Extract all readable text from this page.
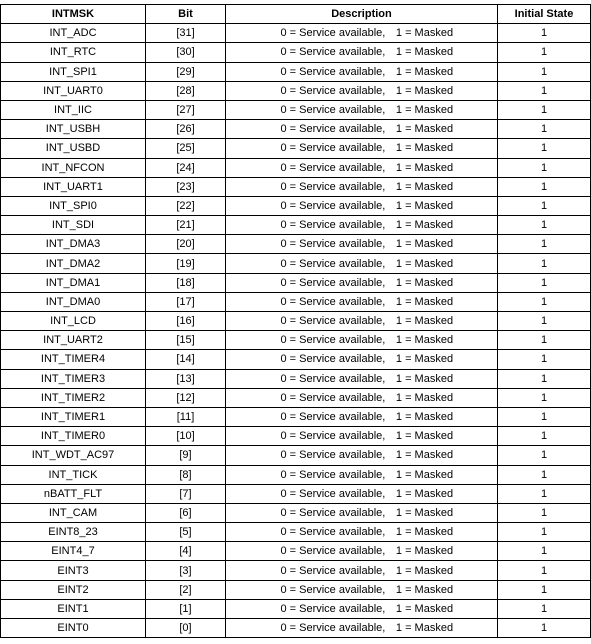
INTMSK	Bit	Description	Initial State
INT_ADC	[31]	0 = Service available, 1 = Masked	1
INT_RTC	[30]	0 = Service available, 1 = Masked	1
INT_SPI1	[29]	0 = Service available, 1 = Masked	1
INT_UART0	[28]	0 = Service available, 1 = Masked	1
INT_IIC	[27]	0 = Service available, 1 = Masked	1
INT_USBH	[26]	0 = Service available, 1 = Masked	1
INT_USBD	[25]	0 = Service available, 1 = Masked	1
INT_NFCON	[24]	0 = Service available, 1 = Masked	1
INT_UART1	[23]	0 = Service available, 1 = Masked	1
INT_SPI0	[22]	0 = Service available, 1 = Masked	1
INT_SDI	[21]	0 = Service available, 1 = Masked	1
INT_DMA3	[20]	0 = Service available, 1 = Masked	1
INT_DMA2	[19]	0 = Service available, 1 = Masked	1
INT_DMA1	[18]	0 = Service available, 1 = Masked	1
INT_DMA0	[17]	0 = Service available, 1 = Masked	1
INT_LCD	[16]	0 = Service available, 1 = Masked	1
INT_UART2	[15]	0 = Service available, 1 = Masked	1
INT_TIMER4	[14]	0 = Service available, 1 = Masked	1
INT_TIMER3	[13]	0 = Service available, 1 = Masked	1
INT_TIMER2	[12]	0 = Service available, 1 = Masked	1
INT_TIMER1	[11]	0 = Service available, 1 = Masked	1
INT_TIMER0	[10]	0 = Service available, 1 = Masked	1
INT_WDT_AC97	[9]	0 = Service available, 1 = Masked	1
INT_TICK	[8]	0 = Service available, 1 = Masked	1
nBATT_FLT	[7]	0 = Service available, 1 = Masked	1
INT_CAM	[6]	0 = Service available, 1 = Masked	1
EINT8_23	[5]	0 = Service available, 1 = Masked	1
EINT4_7	[4]	0 = Service available, 1 = Masked	1
EINT3	[3]	0 = Service available, 1 = Masked	1
EINT2	[2]	0 = Service available, 1 = Masked	1
EINT1	[1]	0 = Service available, 1 = Masked	1
EINT0	[0]	0 = Service available, 1 = Masked	1
